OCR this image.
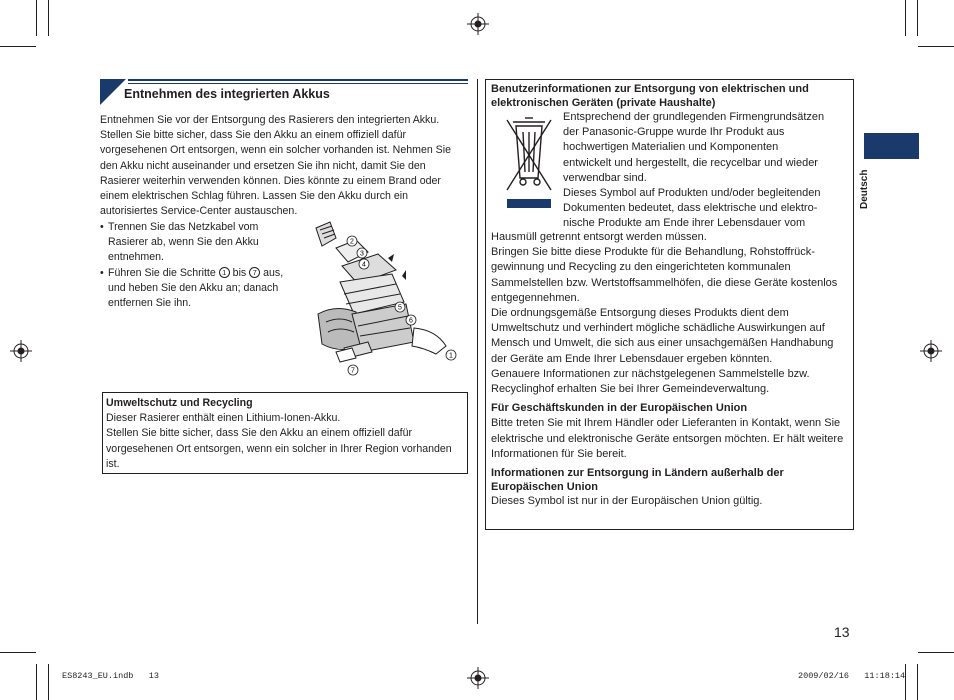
Entnehmen des integrierten Akkus
Entnehmen Sie vor der Entsorgung des Rasierers den integrierten Akku. Stellen Sie bitte sicher, dass Sie den Akku an einem offiziell dafür vorgesehenen Ort entsorgen, wenn ein solcher vorhanden ist. Nehmen Sie den Akku nicht auseinander und ersetzen Sie ihn nicht, damit Sie den Rasierer weiterhin verwenden können. Dies könnte zu einem Brand oder einem elektrischen Schlag führen. Lassen Sie den Akku durch ein autorisiertes Service-Center austauschen.
• Trennen Sie das Netzkabel vom Rasierer ab, wenn Sie den Akku entnehmen.
• Führen Sie die Schritte 1 bis 7 aus, und heben Sie den Akku an; danach entfernen Sie ihn.
1
2
3
4
5
6
7
Umweltschutz und Recycling
Dieser Rasierer enthält einen Lithium-Ionen-Akku.
Stellen Sie bitte sicher, dass Sie den Akku an einem offiziell dafür vorgesehenen Ort entsorgen, wenn ein solcher in Ihrer Region vorhanden ist.
Benutzerinformationen zur Entsorgung von elektrischen und elektronischen Geräten (private Haushalte)
Entsprechend der grundlegenden Firmengrundsätzen
der Panasonic-Gruppe wurde Ihr Produkt aus
hochwertigen Materialien und Komponenten
entwickelt und hergestellt, die recycelbar und wieder
verwendbar sind.
Dieses Symbol auf Produkten und/oder begleitenden
Dokumenten bedeutet, dass elektrische und elektro-
nische Produkte am Ende ihrer Lebensdauer vom
Hausmüll getrennt entsorgt werden müssen.
Bringen Sie bitte diese Produkte für die Behandlung, Rohstoffrück-gewinnung und Recycling zu den eingerichteten kommunalen Sammelstellen bzw. Wertstoffsammelhöfen, die diese Geräte kostenlos entgegennehmen.
Die ordnungsgemäße Entsorgung dieses Produkts dient dem Umweltschutz und verhindert mögliche schädliche Auswirkungen auf Mensch und Umwelt, die sich aus einer unsachgemäßen Handhabung der Geräte am Ende Ihrer Lebensdauer ergeben könnten.
Genauere Informationen zur nächstgelegenen Sammelstelle bzw. Recyclinghof erhalten Sie bei Ihrer Gemeindeverwaltung.
Für Geschäftskunden in der Europäischen Union
Bitte treten Sie mit Ihrem Händler oder Lieferanten in Kontakt, wenn Sie elektrische und elektronische Geräte entsorgen möchten. Er hält weitere Informationen für Sie bereit.
Informationen zur Entsorgung in Ländern außerhalb der Europäischen Union
Dieses Symbol ist nur in der Europäischen Union gültig.
Deutsch
13
ES8243_EU.indb   13	2009/02/16   11:18:14
